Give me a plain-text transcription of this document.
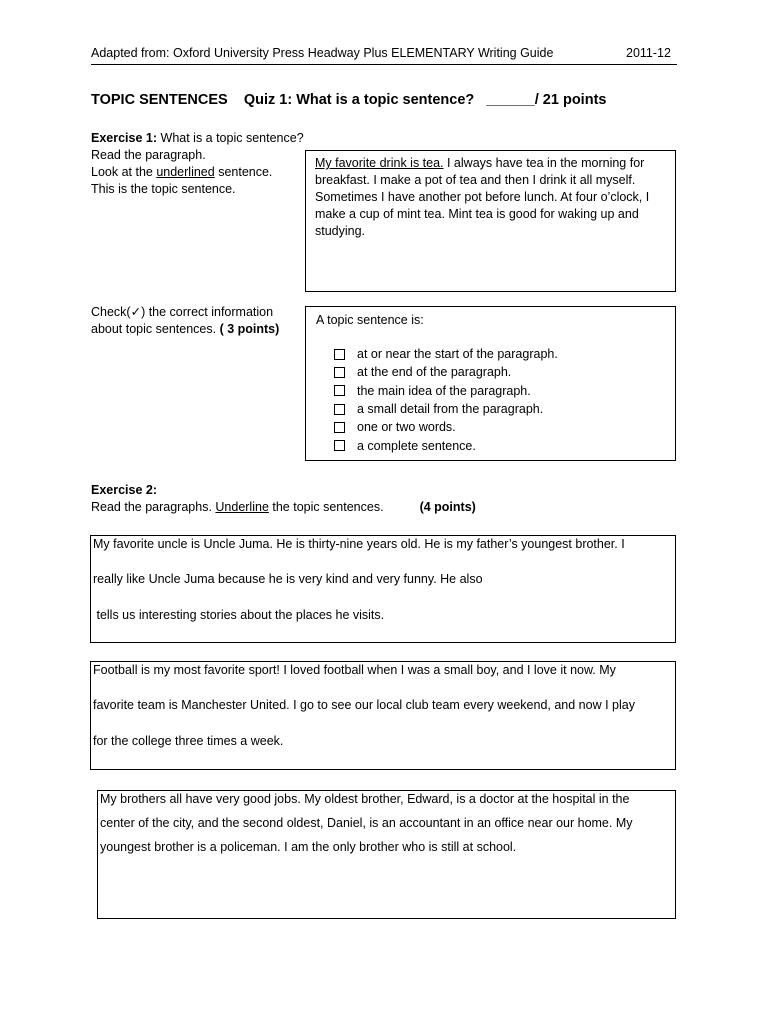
Adapted from: Oxford University Press Headway Plus ELEMENTARY Writing Guide	2011-12
TOPIC SENTENCES Quiz 1: What is a topic sentence? ______/ 21 points
Exercise 1: What is a topic sentence?
Read the paragraph.
Look at the underlined sentence.
This is the topic sentence.
My favorite drink is tea. I always have tea in the morning for breakfast. I make a pot of tea and then I drink it all myself. Sometimes I have another pot before lunch. At four o’clock, I make a cup of mint tea. Mint tea is good for waking up and studying.
Check(✓) the correct information
about topic sentences. ( 3 points)
A topic sentence is:
at or near the start of the paragraph.
at the end of the paragraph.
the main idea of the paragraph.
a small detail from the paragraph.
one or two words.
a complete sentence.
Exercise 2:
Read the paragraphs. Underline the topic sentences.	(4 points)
My favorite uncle is Uncle Juma. He is thirty-nine years old. He is my father’s youngest brother. I
really like Uncle Juma because he is very kind and very funny. He also
tells us interesting stories about the places he visits.
Football is my most favorite sport! I loved football when I was a small boy, and I love it now. My
favorite team is Manchester United. I go to see our local club team every weekend, and now I play
for the college three times a week.
My brothers all have very good jobs. My oldest brother, Edward, is a doctor at the hospital in the
center of the city, and the second oldest, Daniel, is an accountant in an office near our home. My
youngest brother is a policeman. I am the only brother who is still at school.
